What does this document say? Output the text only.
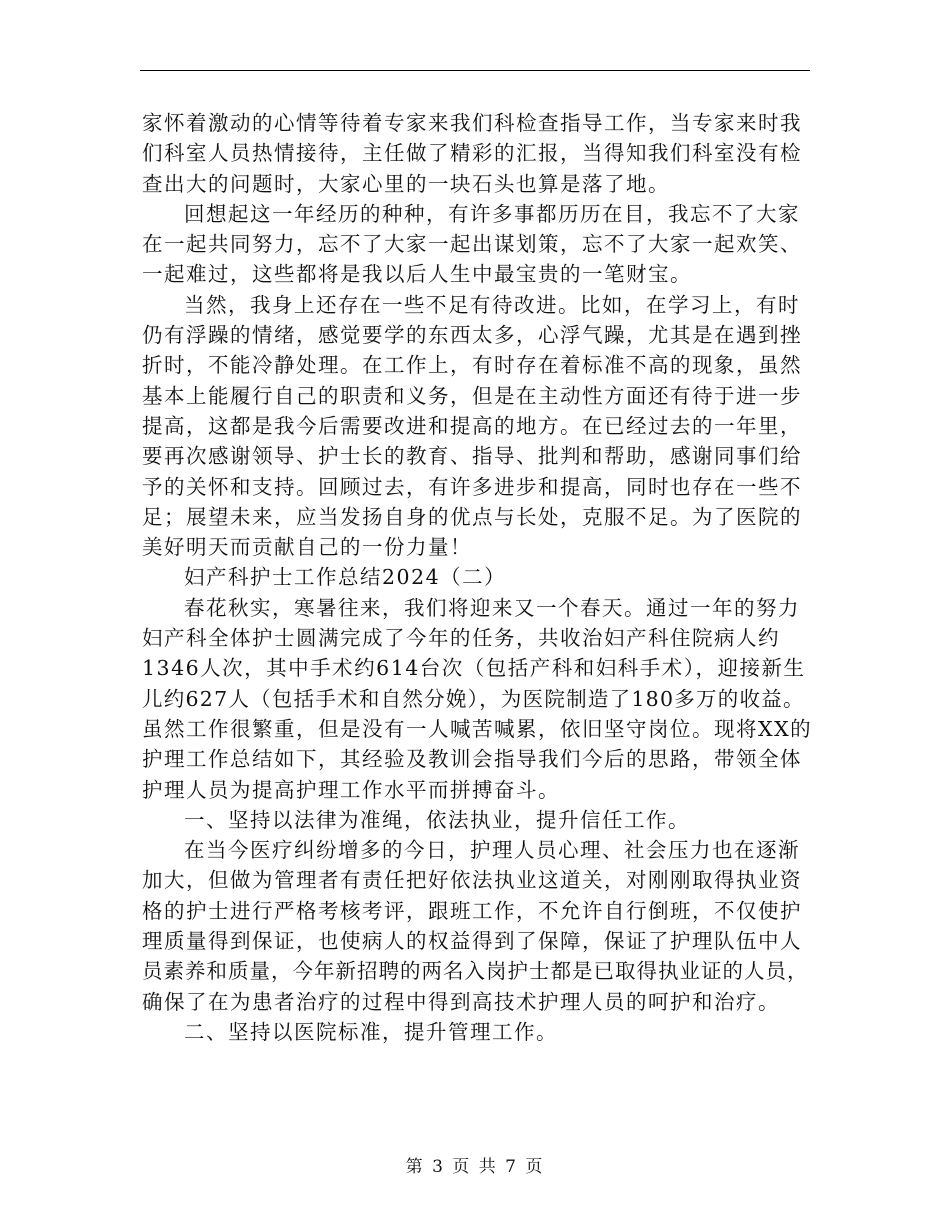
家怀着激动的心情等待着专家来我们科检查指导工作，当专家来时我
们科室人员热情接待，主任做了精彩的汇报，当得知我们科室没有检
查出大的问题时，大家心里的一块石头也算是落了地。
回想起这一年经历的种种，有许多事都历历在目，我忘不了大家
在一起共同努力，忘不了大家一起出谋划策，忘不了大家一起欢笑、
一起难过，这些都将是我以后人生中最宝贵的一笔财宝。
当然，我身上还存在一些不足有待改进。比如，在学习上，有时
仍有浮躁的情绪，感觉要学的东西太多，心浮气躁，尤其是在遇到挫
折时，不能冷静处理。在工作上，有时存在着标准不高的现象，虽然
基本上能履行自己的职责和义务，但是在主动性方面还有待于进一步
提高，这都是我今后需要改进和提高的地方。在已经过去的一年里，
要再次感谢领导、护士长的教育、指导、批判和帮助，感谢同事们给
予的关怀和支持。回顾过去，有许多进步和提高，同时也存在一些不
足；展望未来，应当发扬自身的优点与长处，克服不足。为了医院的
美好明天而贡献自己的一份力量！
妇产科护士工作总结2024（二）
春花秋实，寒暑往来，我们将迎来又一个春天。通过一年的努力
妇产科全体护士圆满完成了今年的任务，共收治妇产科住院病人约
1346人次，其中手术约614台次（包括产科和妇科手术），迎接新生
儿约627人（包括手术和自然分娩），为医院制造了180多万的收益。
虽然工作很繁重，但是没有一人喊苦喊累，依旧坚守岗位。现将XX的
护理工作总结如下，其经验及教训会指导我们今后的思路，带领全体
护理人员为提高护理工作水平而拼搏奋斗。
一、坚持以法律为准绳，依法执业，提升信任工作。
在当今医疗纠纷增多的今日，护理人员心理、社会压力也在逐渐
加大，但做为管理者有责任把好依法执业这道关，对刚刚取得执业资
格的护士进行严格考核考评，跟班工作，不允许自行倒班，不仅使护
理质量得到保证，也使病人的权益得到了保障，保证了护理队伍中人
员素养和质量，今年新招聘的两名入岗护士都是已取得执业证的人员，
确保了在为患者治疗的过程中得到高技术护理人员的呵护和治疗。
二、坚持以医院标准，提升管理工作。
第 3 页 共 7 页
